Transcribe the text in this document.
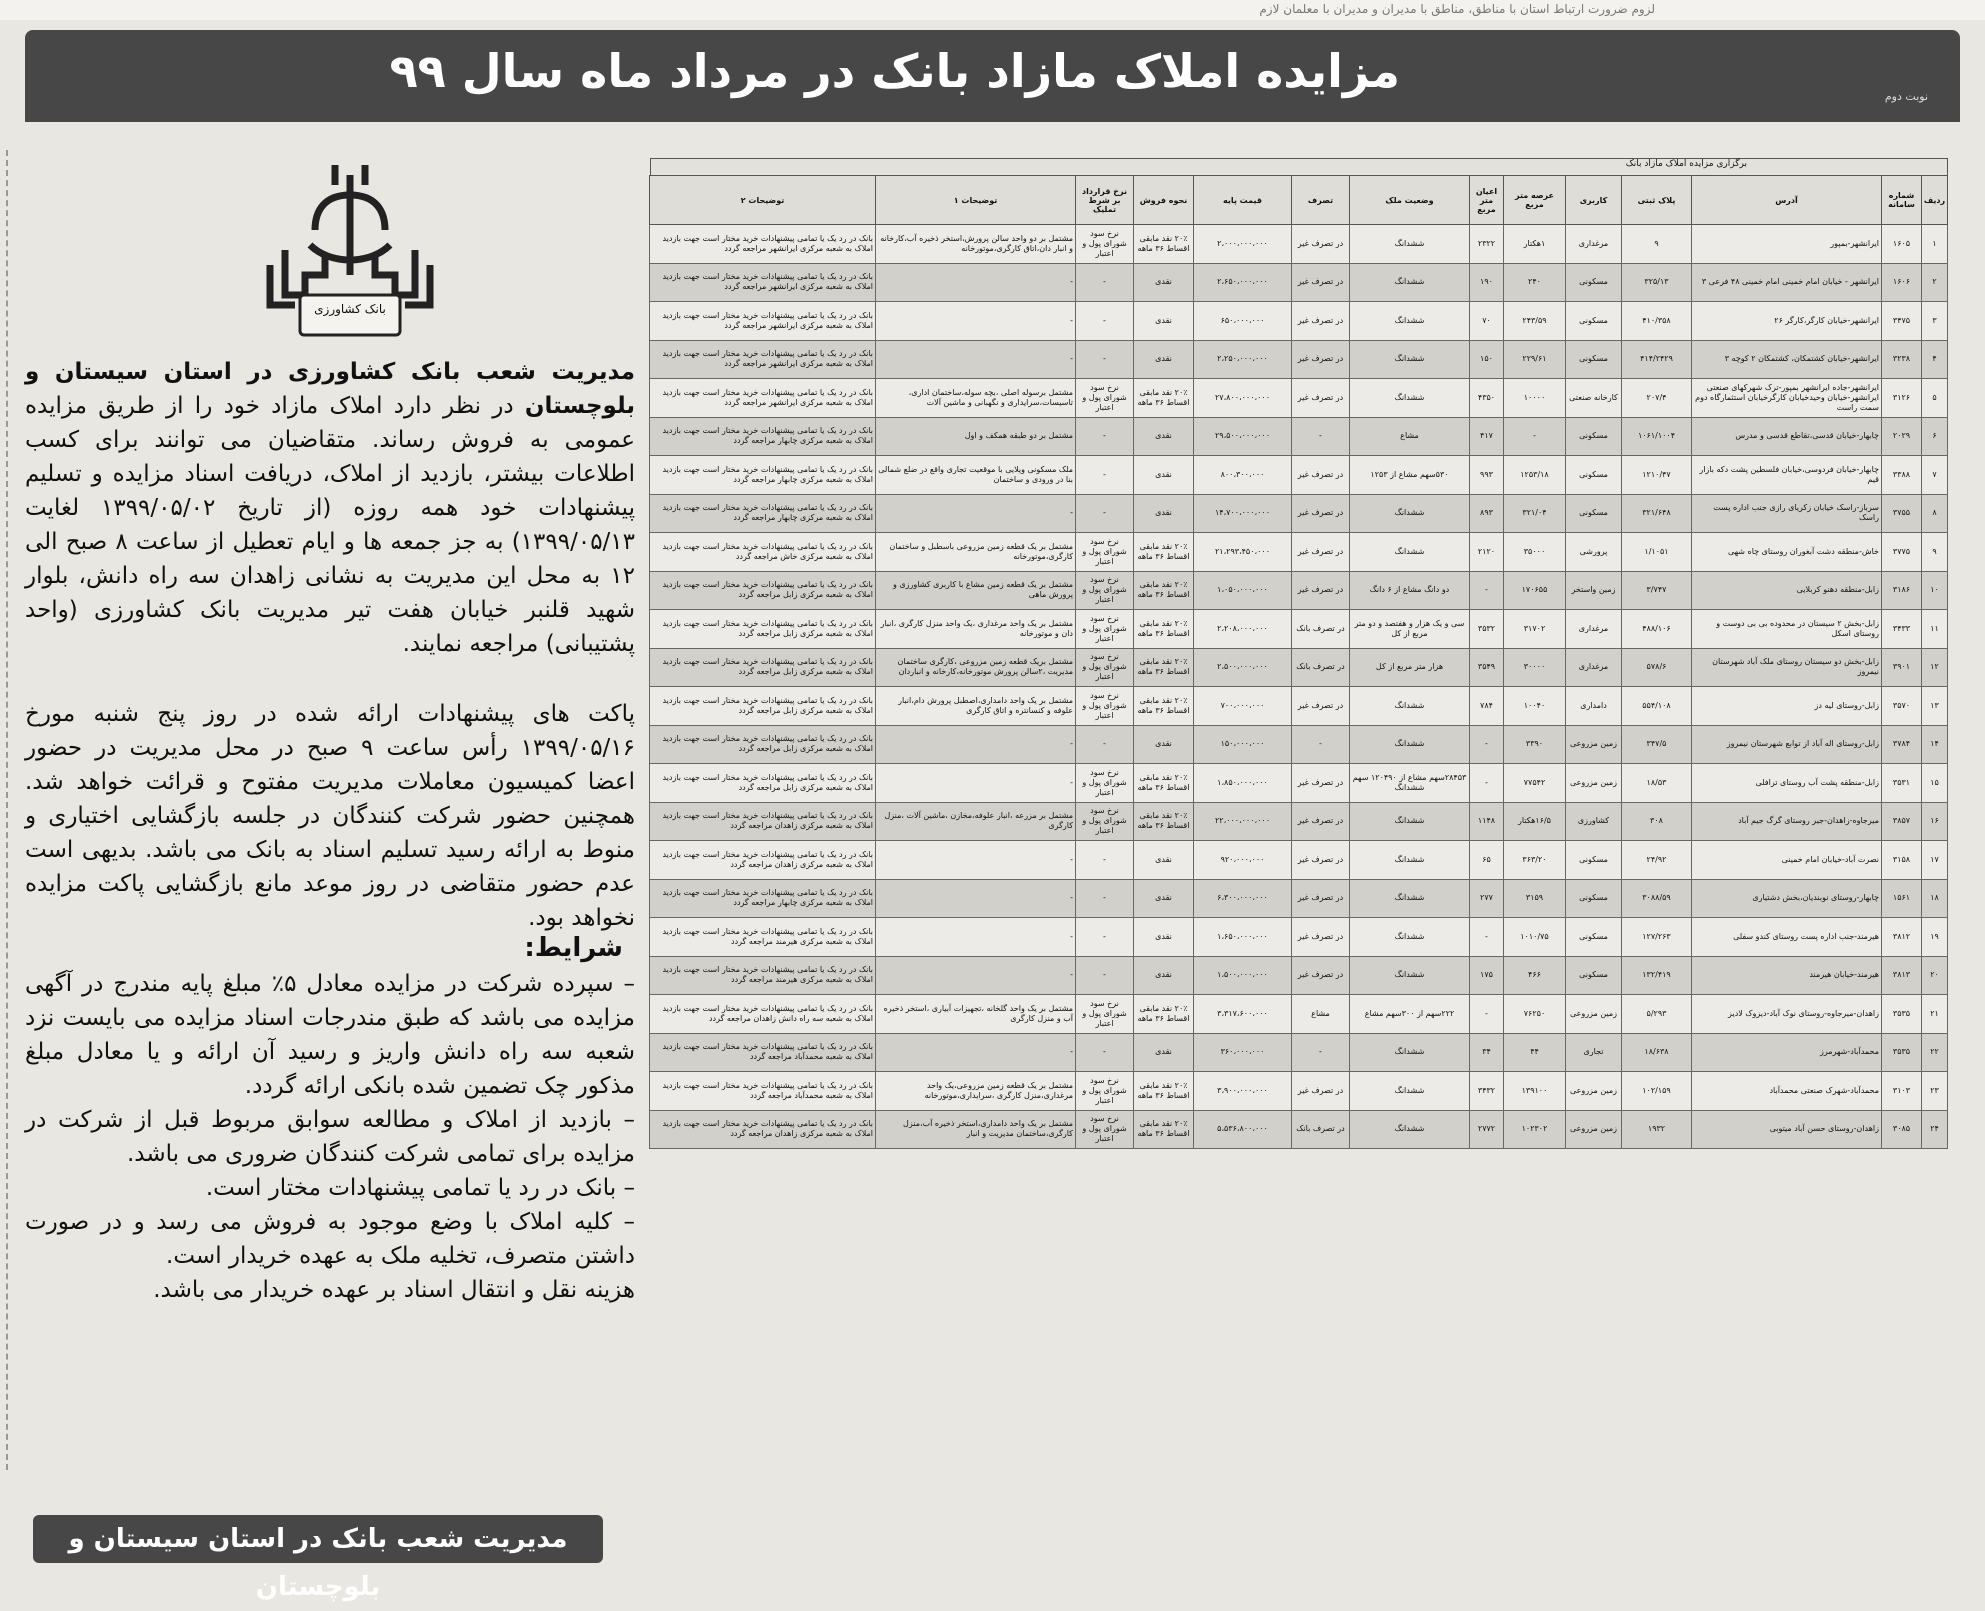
لزوم ضرورت ارتباط استان با مناطق، مناطق با مدیران و مدیران با معلمان لازم
مزایده املاک مازاد بانک در مرداد ماه سال ۹۹	نوبت دوم
بانک کشاورزی
مدیریت شعب بانک کشاورزی در استان سیستان و بلوچستان در نظر دارد املاک مازاد خود را از طریق مزایده عمومی به فروش رساند. متقاضیان می توانند برای کسب اطلاعات بیشتر، بازدید از املاک، دریافت اسناد مزایده و تسلیم پیشنهادات خود همه روزه (از تاریخ ۱۳۹۹/۰۵/۰۲ لغایت ۱۳۹۹/۰۵/۱۳) به جز جمعه ها و ایام تعطیل از ساعت ۸ صبح الی ۱۲ به محل این مدیریت به نشانی زاهدان سه راه دانش، بلوار شهید قلنبر خیابان هفت تیر مدیریت بانک کشاورزی (واحد پشتیبانی) مراجعه نمایند.
پاکت های پیشنهادات ارائه شده در روز پنج شنبه مورخ ۱۳۹۹/۰۵/۱۶ رأس ساعت ۹ صبح در محل مدیریت در حضور اعضا کمیسیون معاملات مدیریت مفتوح و قرائت خواهد شد. همچنین حضور شرکت کنندگان در جلسه بازگشایی اختیاری و منوط به ارائه رسید تسلیم اسناد به بانک می باشد. بدیهی است عدم حضور متقاضی در روز موعد مانع بازگشایی پاکت مزایده نخواهد بود.
شرایط:
– سپرده شرکت در مزایده معادل ۵٪ مبلغ پایه مندرج در آگهی مزایده می باشد که طبق مندرجات اسناد مزایده می بایست نزد شعبه سه راه دانش واریز و رسید آن ارائه و یا معادل مبلغ مذکور چک تضمین شده بانکی ارائه گردد.
– بازدید از املاک و مطالعه سوابق مربوط قبل از شرکت در مزایده برای تمامی شرکت کنندگان ضروری می باشد.
– بانک در رد یا تمامی پیشنهادات مختار است.
– کلیه املاک با وضع موجود به فروش می رسد و در صورت داشتن متصرف، تخلیه ملک به عهده خریدار است.
هزینه نقل و انتقال اسناد بر عهده خریدار می باشد.
مدیریت شعب بانک در استان سیستان و بلوچستان
برگزاری مزایده املاک مازاد بانک
ردیف	شماره سامانه	آدرس	پلاک ثبتی	کاربری	عرصه متر مربع	اعیان متر مربع	وضعیت ملک	تصرف	قیمت پایه	نحوه فروش	نرخ قرارداد بر شرط تملیک	توضیحات ۱	توضیحات ۲
۱	۱۶۰۵	ایرانشهر-بمپور	۹	مرغداری	۱هکتار	۲۳۲۲	ششدانگ	در تصرف غیر	۲،۰۰۰،۰۰۰،۰۰۰	۲۰٪ نقد مابقی اقساط ۳۶ ماهه	نرخ سود شورای پول و اعتبار	مشتمل بر دو واحد سالن پرورش،استخر ذخیره آب،کارخانه و انبار دان،اتاق کارگری،موتورخانه	بانک در رد یک یا تمامی پیشنهادات خرید مختار است جهت بازدید املاک به شعبه مرکزی ایرانشهر مراجعه گردد
۲	۱۶۰۶	ایرانشهر - خیابان امام خمینی امام خمینی ۴۸ فرعی ۳	۳۲۵/۱۳	مسکونی	۲۴۰	۱۹۰	ششدانگ	در تصرف غیر	۲،۶۵۰،۰۰۰،۰۰۰	نقدی	-	-	بانک در رد یک یا تمامی پیشنهادات خرید مختار است جهت بازدید املاک به شعبه مرکزی ایرانشهر مراجعه گردد
۳	۳۴۷۵	ایرانشهر-خیابان کارگر،کارگر ۲۶	۴۱۰/۳۵۸	مسکونی	۲۴۳/۵۹	۷۰	ششدانگ	در تصرف غیر	۶۵۰،۰۰۰،۰۰۰	نقدی	-	-	بانک در رد یک یا تمامی پیشنهادات خرید مختار است جهت بازدید املاک به شعبه مرکزی ایرانشهر مراجعه گردد
۴	۳۲۳۸	ایرانشهر-خیابان کشتمکان، کشتمکان ۲ کوچه ۳	۴۱۴/۲۴۲۹	مسکونی	۲۲۹/۶۱	۱۵۰	ششدانگ	در تصرف غیر	۲،۲۵۰،۰۰۰،۰۰۰	نقدی	-	-	بانک در رد یک یا تمامی پیشنهادات خرید مختار است جهت بازدید املاک به شعبه مرکزی ایرانشهر مراجعه گردد
۵	۳۱۲۶	ایرانشهر-جاده ایرانشهر بمپور-ترک شهرکهای صنعتی ایرانشهر-خیابان وحیدخیابان کارگرخیابان استثمارگاه دوم سمت راست	۲۰۷/۴	کارخانه صنعتی	۱۰۰۰۰	۴۳۵۰	ششدانگ	در تصرف غیر	۲۷،۸۰۰،۰۰۰،۰۰۰	۲۰٪ نقد مابقی اقساط ۳۶ ماهه	نرخ سود شورای پول و اعتبار	مشتمل برسوله اصلی ،بچه سوله،ساختمان اداری، تاسیسات،سرایداری و نگهبانی و ماشین آلات	بانک در رد یک یا تمامی پیشنهادات خرید مختار است جهت بازدید املاک به شعبه مرکزی ایرانشهر مراجعه گردد
۶	۲۰۲۹	چابهار-خیابان قدسی،تقاطع قدسی و مدرس	۱۰۶۱/۱۰۰۴	مسکونی	-	۴۱۷	مشاع	-	۲۹،۵۰۰،۰۰۰،۰۰۰	نقدی	-	مشتمل بر دو طبقه همکف و اول	بانک در رد یک یا تمامی پیشنهادات خرید مختار است جهت بازدید املاک به شعبه مرکزی چابهار مراجعه گردد
۷	۳۳۸۸	چابهار-خیابان فردوسی،خیابان فلسطین پشت دکه بازار قیم	۱۲۱۰/۴۷	مسکونی	۱۲۵۳/۱۸	۹۹۳	۵۳۰سهم مشاع از ۱۲۵۳	در تصرف غیر	۸۰۰،۳۰۰،۰۰۰	نقدی	-	ملک مسکونی ویلایی با موقعیت تجاری واقع در ضلع شمالی بنا در ورودی و ساختمان	بانک در رد یک یا تمامی پیشنهادات خرید مختار است جهت بازدید املاک به شعبه مرکزی چابهار مراجعه گردد
۸	۳۷۵۵	سرباز-راسک خیابان زکریای رازی جنب اداره پست راسک	۳۲۱/۶۴۸	مسکونی	۳۲۱/۰۴	۸۹۳	ششدانگ	در تصرف غیر	۱۴،۷۰۰،۰۰۰،۰۰۰	نقدی	-	-	بانک در رد یک یا تمامی پیشنهادات خرید مختار است جهت بازدید املاک به شعبه مرکزی چابهار مراجعه گردد
۹	۳۷۷۵	خاش-منطقه دشت آبغوران روستای چاه شهی	۱/۱۰۵۱	پرورشی	۳۵۰۰۰	۲۱۲۰	ششدانگ	در تصرف غیر	۲۱،۲۹۳،۴۵۰،۰۰۰	۲۰٪ نقد مابقی اقساط ۳۶ ماهه	نرخ سود شورای پول و اعتبار	مشتمل بر یک قطعه زمین مزروعی باسطبل و ساختمان کارگری،موتورخانه	بانک در رد یک یا تمامی پیشنهادات خرید مختار است جهت بازدید املاک به شعبه مرکزی خاش مراجعه گردد
۱۰	۳۱۸۶	زابل-منطقه دهنو کربلایی	۳/۷۴۷	زمین واستخر	۱۷۰۶۵۵	-	دو دانگ مشاع از ۶ دانگ	در تصرف غیر	۱،۰۵۰،۰۰۰،۰۰۰	۲۰٪ نقد مابقی اقساط ۳۶ ماهه	نرخ سود شورای پول و اعتبار	مشتمل بر یک قطعه زمین مشاع با کاربری کشاورزی و پرورش ماهی	بانک در رد یک یا تمامی پیشنهادات خرید مختار است جهت بازدید املاک به شعبه مرکزی زابل مراجعه گردد
۱۱	۳۴۳۳	زابل-بخش ۲ سیستان در محدوده بی بی دوست و روستای اسکل	۴۸۸/۱۰۶	مرغداری	۳۱۷۰۲	۳۵۳۲	سی و یک هزار و هفتصد و دو متر مربع از کل	در تصرف بانک	۲،۲۰۸،۰۰۰،۰۰۰	۲۰٪ نقد مابقی اقساط ۳۶ ماهه	نرخ سود شورای پول و اعتبار	مشتمل بر یک واحد مرغداری ،یک واحد منزل کارگری ،انبار دان و موتورخانه	بانک در رد یک یا تمامی پیشنهادات خرید مختار است جهت بازدید املاک به شعبه مرکزی زابل مراجعه گردد
۱۲	۳۹۰۱	زابل-بخش دو سیستان روستای ملک آباد شهرستان نیمروز	۵۷۸/۶	مرغداری	۳۰۰۰۰	۳۵۴۹	هزار متر مربع از کل	در تصرف بانک	۲،۵۰۰،۰۰۰،۰۰۰	۲۰٪ نقد مابقی اقساط ۳۶ ماهه	نرخ سود شورای پول و اعتبار	مشتمل بریک قطعه زمین مزروعی ،کارگری ساختمان مدیریت ،۲سالن پرورش موتورخانه،کارخانه و انباردان	بانک در رد یک یا تمامی پیشنهادات خرید مختار است جهت بازدید املاک به شعبه مرکزی زابل مراجعه گردد
۱۳	۳۵۷۰	زابل-روستای لیه دز	۵۵۴/۱۰۸	دامداری	۱۰۰۴۰	۷۸۴	ششدانگ	در تصرف غیر	۷۰۰،۰۰۰،۰۰۰	۲۰٪ نقد مابقی اقساط ۳۶ ماهه	نرخ سود شورای پول و اعتبار	مشتمل بر یک واحد دامداری،اصطبل پرورش دام،انبار علوفه و کنسانتره و اتاق کارگری	بانک در رد یک یا تمامی پیشنهادات خرید مختار است جهت بازدید املاک به شعبه مرکزی زابل مراجعه گردد
۱۴	۳۷۸۴	زابل-روستای اله آباد از توابع شهرستان نیمروز	۳۴۷/۵	زمین مزروعی	۳۳۹۰	-	ششدانگ	-	۱۵۰،۰۰۰،۰۰۰	نقدی	-	-	بانک در رد یک یا تمامی پیشنهادات خرید مختار است جهت بازدید املاک به شعبه مرکزی زابل مراجعه گردد
۱۵	۳۵۳۱	زابل-منطقه پشت آب روستای ترافلی	۱۸/۵۳	زمین مزروعی	۷۷۵۴۲	-	۲۸۴۵۳سهم مشاع از ۱۲۰۴۹۰ سهم ششدانگ	در تصرف غیر	۱،۸۵۰،۰۰۰،۰۰۰	۲۰٪ نقد مابقی اقساط ۳۶ ماهه	نرخ سود شورای پول و اعتبار	-	بانک در رد یک یا تمامی پیشنهادات خرید مختار است جهت بازدید املاک به شعبه مرکزی زابل مراجعه گردد
۱۶	۳۸۵۷	میرجاوه-زاهدان-جیر روستای گرگ جیم آباد	۳۰۸	کشاورزی	۱۶/۵هکتار	۱۱۴۸	ششدانگ	در تصرف غیر	۲۲،۰۰۰،۰۰۰،۰۰۰	۲۰٪ نقد مابقی اقساط ۳۶ ماهه	نرخ سود شورای پول و اعتبار	مشتمل بر مزرعه ،انبار علوفه،مخازن ،ماشین آلات ،منزل کارگری	بانک در رد یک یا تمامی پیشنهادات خرید مختار است جهت بازدید املاک به شعبه مرکزی زاهدان مراجعه گردد
۱۷	۳۱۵۸	نصرت آباد-خیابان امام خمینی	۲۴/۹۲	مسکونی	۳۶۳/۲۰	۶۵	ششدانگ	در تصرف غیر	۹۲۰،۰۰۰،۰۰۰	نقدی	-	-	بانک در رد یک یا تمامی پیشنهادات خرید مختار است جهت بازدید املاک به شعبه مرکزی زاهدان مراجعه گردد
۱۸	۱۵۶۱	چابهار-روستای نوبندیان،بخش دشتیاری	۳۰۸۸/۵۹	مسکونی	۳۱۵۹	۲۷۷	ششدانگ	در تصرف غیر	۶،۳۰۰،۰۰۰،۰۰۰	نقدی	-	-	بانک در رد یک یا تمامی پیشنهادات خرید مختار است جهت بازدید املاک به شعبه مرکزی چابهار مراجعه گردد
۱۹	۳۸۱۲	هیرمند-جنب اداره پست روستای کندو سفلی	۱۲۷/۲۶۳	مسکونی	۱۰۱۰/۷۵	-	ششدانگ	در تصرف غیر	۱،۶۵۰،۰۰۰،۰۰۰	نقدی	-	-	بانک در رد یک یا تمامی پیشنهادات خرید مختار است جهت بازدید املاک به شعبه مرکزی هیرمند مراجعه گردد
۲۰	۳۸۱۳	هیرمند-خیابان هیرمند	۱۳۲/۴۱۹	مسکونی	۴۶۶	۱۷۵	ششدانگ	در تصرف غیر	۱،۵۰۰،۰۰۰،۰۰۰	نقدی	-	-	بانک در رد یک یا تمامی پیشنهادات خرید مختار است جهت بازدید املاک به شعبه مرکزی هیرمند مراجعه گردد
۲۱	۳۵۳۵	زاهدان-میرجاوه-روستای نوک آباد-دیزوک لادیز	۵/۲۹۳	زمین مزروعی	۷۶۲۵۰	-	۲۲۲سهم از ۳۰۰سهم مشاع	مشاع	۳،۳۱۷،۶۰۰،۰۰۰	۲۰٪ نقد مابقی اقساط ۳۶ ماهه	نرخ سود شورای پول و اعتبار	مشتمل بر یک واحد گلخانه ،تجهیزات آبیاری ،استخر ذخیره آب و منزل کارگری	بانک در رد یک یا تمامی پیشنهادات خرید مختار است جهت بازدید املاک به شعبه سه راه دانش زاهدان مراجعه گردد
۲۲	۳۵۳۵	محمدآباد-شهرمرز	۱۸/۶۳۸	تجاری	۴۴	۳۴	ششدانگ	-	۳۶۰،۰۰۰،۰۰۰	نقدی	-	-	بانک در رد یک یا تمامی پیشنهادات خرید مختار است جهت بازدید املاک به شعبه محمدآباد مراجعه گردد
۲۳	۳۱۰۳	محمدآباد-شهرک صنعتی محمدآباد	۱۰۲/۱۵۹	زمین مزروعی	۱۳۹۱۰۰	۳۴۳۲	ششدانگ	در تصرف غیر	۳،۹۰۰،۰۰۰،۰۰۰	۲۰٪ نقد مابقی اقساط ۳۶ ماهه	نرخ سود شورای پول و اعتبار	مشتمل بر یک قطعه زمین مزروعی،یک واحد مرغداری،منزل کارگری ،سرایداری،موتورخانه	بانک در رد یک یا تمامی پیشنهادات خرید مختار است جهت بازدید املاک به شعبه محمدآباد مراجعه گردد
۲۴	۳۰۸۵	زاهدان-روستای حسن آباد میتوبی	۱۹۳۲	زمین مزروعی	۱۰۲۳۰۲	۲۷۷۲	ششدانگ	در تصرف بانک	۵،۵۳۶،۸۰۰،۰۰۰	۲۰٪ نقد مابقی اقساط ۳۶ ماهه	نرخ سود شورای پول و اعتبار	مشتمل بر یک واحد دامداری،استخر ذخیره آب،منزل کارگری،ساختمان مدیریت و انبار	بانک در رد یک یا تمامی پیشنهادات خرید مختار است جهت بازدید املاک به شعبه مرکزی زاهدان مراجعه گردد
